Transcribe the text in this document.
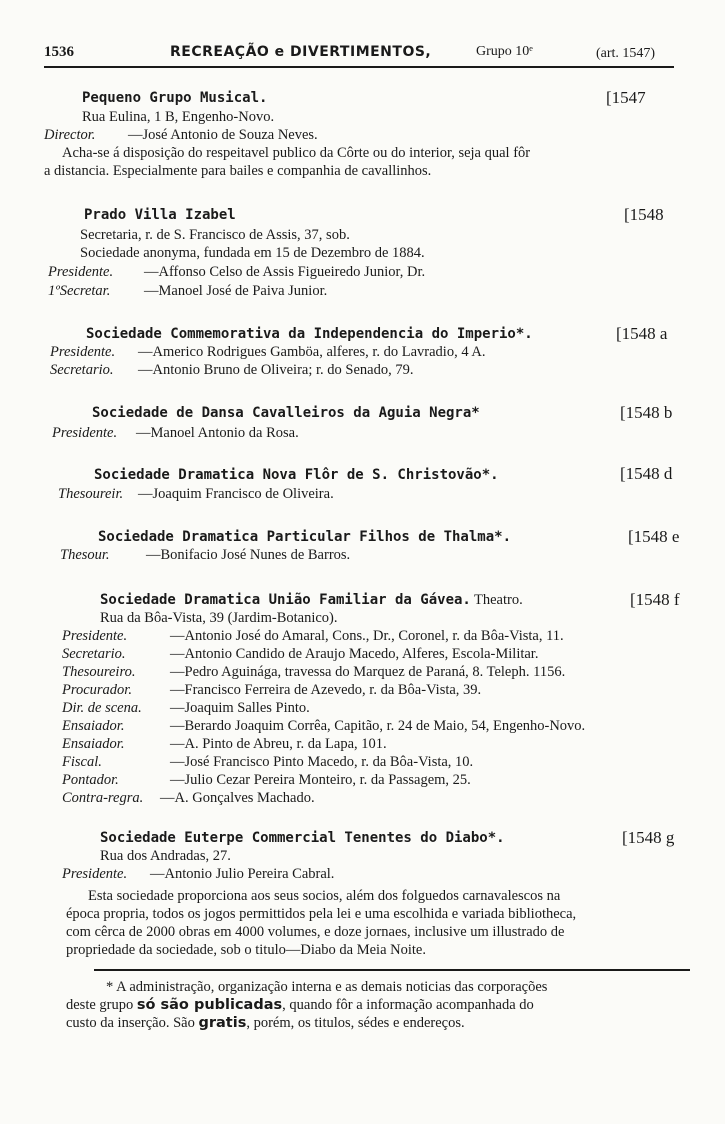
1536	RECREAÇÃO e DIVERTIMENTOS,	Grupo 10ᵉ	(art. 1547)
Pequeno Grupo Musical.	[1547
Rua Eulina, 1 B, Engenho-Novo.
Director. —José Antonio de Souza Neves.
Acha-se á disposição do respeitavel publico da Côrte ou do interior, seja qual fôr
a distancia. Especialmente para bailes e companhia de cavallinhos.
Prado Villa Izabel	[1548
Secretaria, r. de S. Francisco de Assis, 37, sob.
Sociedade anonyma, fundada em 15 de Dezembro de 1884.
Presidente. —Affonso Celso de Assis Figueiredo Junior, Dr.
1ºSecretar. —Manoel José de Paiva Junior.
Sociedade Commemorativa da Independencia do Imperio*.	[1548 a
Presidente. —Americo Rodrigues Gamböa, alferes, r. do Lavradio, 4 A.
Secretario. —Antonio Bruno de Oliveira; r. do Senado, 79.
Sociedade de Dansa Cavalleiros da Aguia Negra*	[1548 b
Presidente. —Manoel Antonio da Rosa.
Sociedade Dramatica Nova Flôr de S. Christovão*.	[1548 d
Thesoureir. —Joaquim Francisco de Oliveira.
Sociedade Dramatica Particular Filhos de Thalma*.	[1548 e
Thesour.	—Bonifacio José Nunes de Barros.
Sociedade Dramatica União Familiar da Gávea. Theatro.	[1548 f
Rua da Bôa-Vista, 39 (Jardim-Botanico).
Presidente.	—Antonio José do Amaral, Cons., Dr., Coronel, r. da Bôa-Vista, 11.
Secretario.	—Antonio Candido de Araujo Macedo, Alferes, Escola-Militar.
Thesoureiro. —Pedro Aguinága, travessa do Marquez de Paraná, 8. Teleph. 1156.
Procurador.	—Francisco Ferreira de Azevedo, r. da Bôa-Vista, 39.
Dir. de scena. —Joaquim Salles Pinto.
Ensaiador.	—Berardo Joaquim Corrêa, Capitão, r. 24 de Maio, 54, Engenho-Novo.
Ensaiador.	—A. Pinto de Abreu, r. da Lapa, 101.
Fiscal.	—José Francisco Pinto Macedo, r. da Bôa-Vista, 10.
Pontador.	—Julio Cezar Pereira Monteiro, r. da Passagem, 25.
Contra-regra. —A. Gonçalves Machado.
Sociedade Euterpe Commercial Tenentes do Diabo*.	[1548 g
Rua dos Andradas, 27.
Presidente. —Antonio Julio Pereira Cabral.
Esta sociedade proporciona aos seus socios, além dos folguedos carnavalescos na
época propria, todos os jogos permittidos pela lei e uma escolhida e variada bibliotheca,
com cêrca de 2000 obras em 4000 volumes, e doze jornaes, inclusive um illustrado de
propriedade da sociedade, sob o titulo—Diabo da Meia Noite.
* A administração, organização interna e as demais noticias das corporações
deste grupo só são publicadas, quando fôr a informação acompanhada do
custo da inserção. São gratis, porém, os titulos, sédes e endereços.
